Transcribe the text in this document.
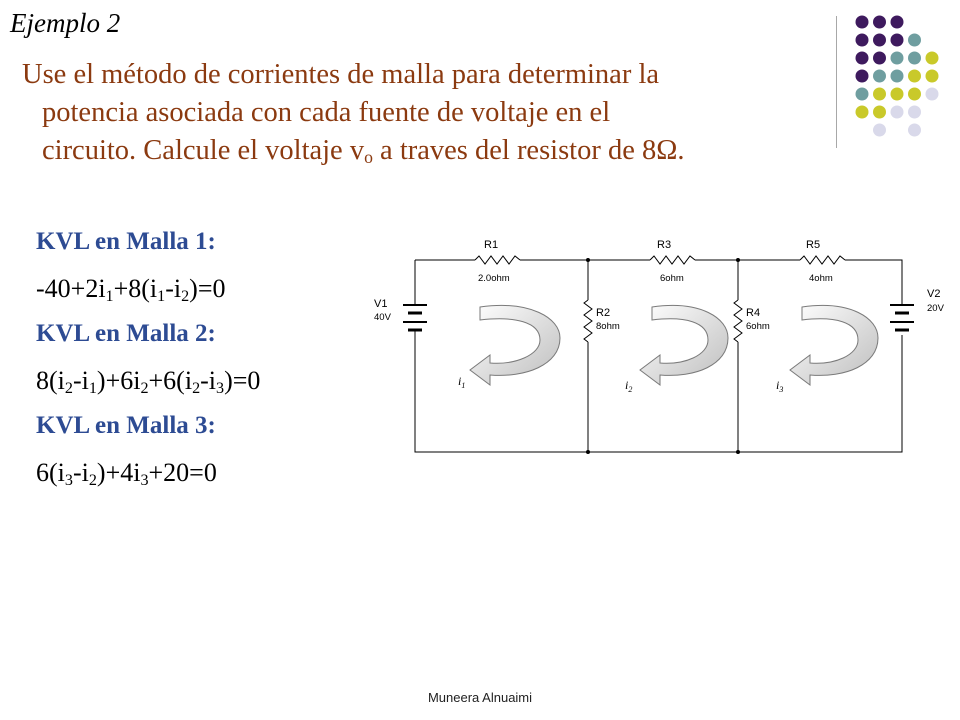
Ejemplo 2
Use el método de corrientes de malla para determinar la
potencia asociada con cada fuente de voltaje en el
circuito. Calcule el voltaje $v_o$ a traves del resistor de 8Ω.
KVL en Malla 1:
$-40+2i_1+8(i_1-i_2)=0$
KVL en Malla 2:
$8(i_2-i_1)+6i_2+6(i_2-i_3)=0$
KVL en Malla 3:
$6(i_3-i_2)+4i_3+20=0$
R1
2.0ohm
R3
6ohm
R5
4ohm
R2
8ohm
R4
6ohm
V1
40V
V2
20V
$i_1$	$i_2$	$i_3$
Muneera Alnuaimi
